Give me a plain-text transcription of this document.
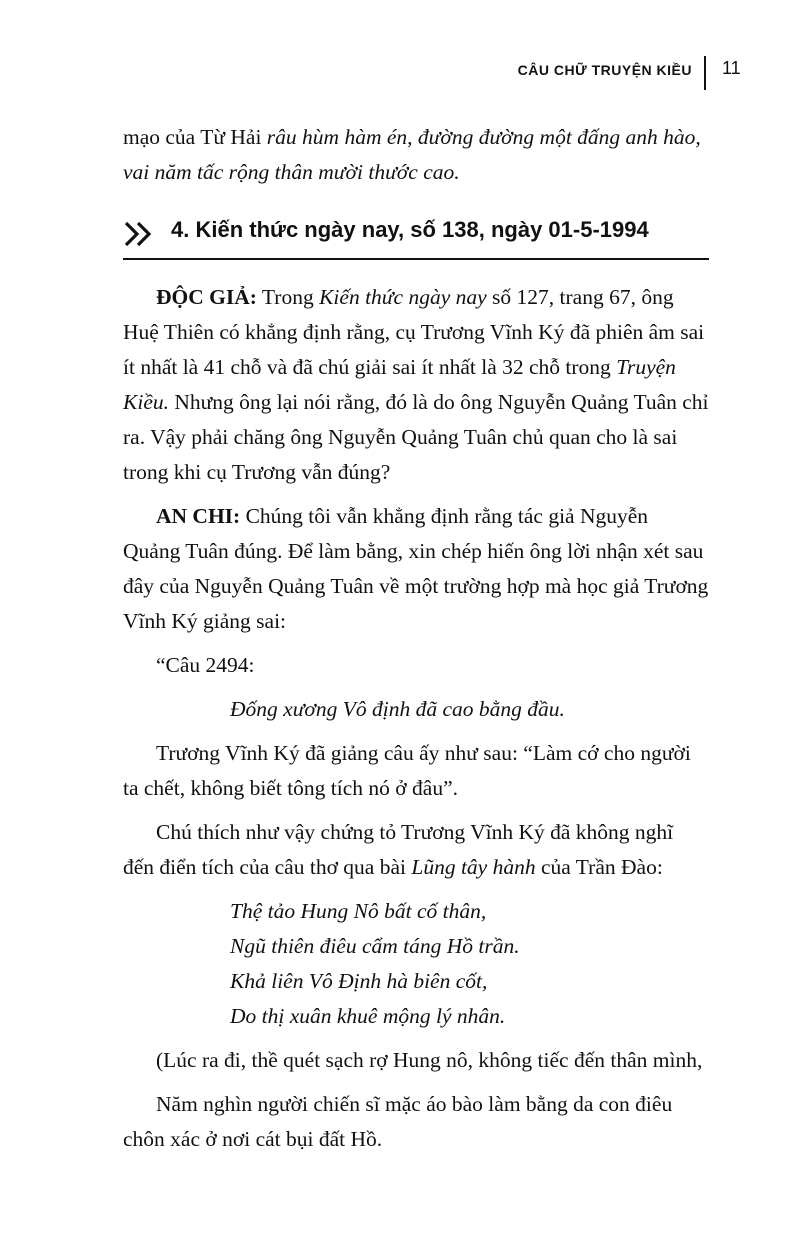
CÂU CHỮ TRUYỆN KIỀU 11

mạo của Từ Hải râu hùm hàm én, đường đường một đấng anh hào, vai năm tấc rộng thân mười thước cao.

4. Kiến thức ngày nay, số 138, ngày 01-5-1994

ĐỘC GIẢ: Trong Kiến thức ngày nay số 127, trang 67, ông Huệ Thiên có khẳng định rằng, cụ Trương Vĩnh Ký đã phiên âm sai ít nhất là 41 chỗ và đã chú giải sai ít nhất là 32 chỗ trong Truyện Kiều. Nhưng ông lại nói rằng, đó là do ông Nguyễn Quảng Tuân chỉ ra. Vậy phải chăng ông Nguyễn Quảng Tuân chủ quan cho là sai trong khi cụ Trương vẫn đúng?

AN CHI: Chúng tôi vẫn khẳng định rằng tác giả Nguyễn Quảng Tuân đúng. Để làm bằng, xin chép hiến ông lời nhận xét sau đây của Nguyễn Quảng Tuân về một trường hợp mà học giả Trương Vĩnh Ký giảng sai:

“Câu 2494:

Đống xương Vô định đã cao bằng đầu.

Trương Vĩnh Ký đã giảng câu ấy như sau: “Làm cớ cho người ta chết, không biết tông tích nó ở đâu”.

Chú thích như vậy chứng tỏ Trương Vĩnh Ký đã không nghĩ đến điển tích của câu thơ qua bài Lũng tây hành của Trần Đào:

Thệ tảo Hung Nô bất cố thân,

Ngũ thiên điêu cẩm táng Hồ trần.

Khả liên Vô Định hà biên cốt,

Do thị xuân khuê mộng lý nhân.

(Lúc ra đi, thề quét sạch rợ Hung nô, không tiếc đến thân mình,

Năm nghìn người chiến sĩ mặc áo bào làm bằng da con điêu chôn xác ở nơi cát bụi đất Hồ.
